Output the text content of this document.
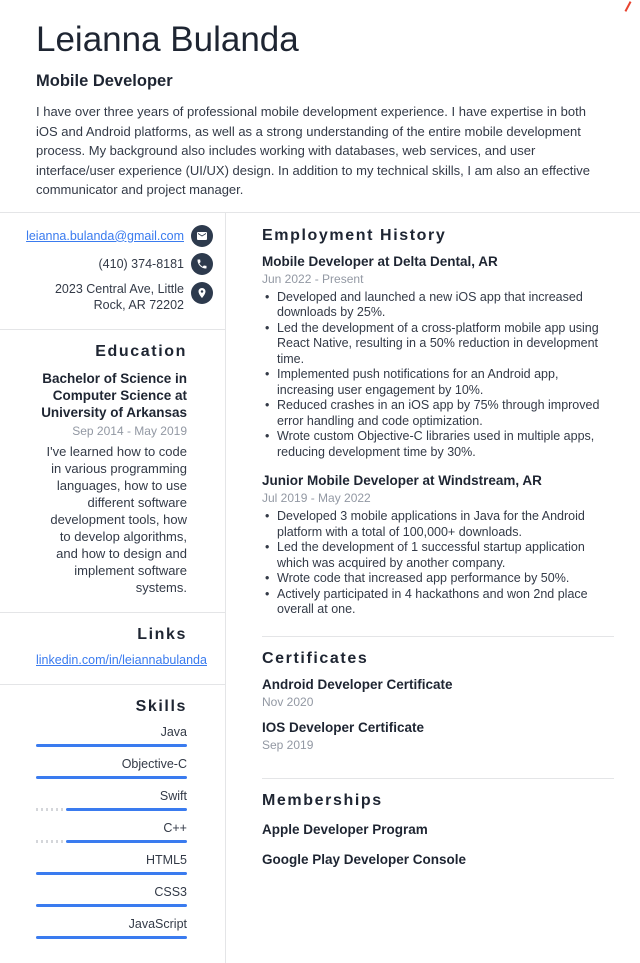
Leianna Bulanda
Mobile Developer

I have over three years of professional mobile development experience. I have expertise in both iOS and Android platforms, as well as a strong understanding of the entire mobile development process. My background also includes working with databases, web services, and user interface/user experience (UI/UX) design. In addition to my technical skills, I am also an effective communicator and project manager.

leianna.bulanda@gmail.com
(410) 374-8181
2023 Central Ave, Little Rock, AR 72202
Education
Bachelor of Science in Computer Science at University of Arkansas
Sep 2014 - May 2019
I've learned how to code in various programming languages, how to use different software development tools, how to develop algorithms, and how to design and implement software systems.
Links
linkedin.com/in/leiannabulanda
Skills
Java
Objective-C
Swift
C++
HTML5
CSS3
JavaScript
Employment History
Mobile Developer at Delta Dental, AR
Jun 2022 - Present
• Developed and launched a new iOS app that increased downloads by 25%.
• Led the development of a cross-platform mobile app using React Native, resulting in a 50% reduction in development time.
• Implemented push notifications for an Android app, increasing user engagement by 10%.
• Reduced crashes in an iOS app by 75% through improved error handling and code optimization.
• Wrote custom Objective-C libraries used in multiple apps, reducing development time by 30%.
Junior Mobile Developer at Windstream, AR
Jul 2019 - May 2022
• Developed 3 mobile applications in Java for the Android platform with a total of 100,000+ downloads.
• Led the development of 1 successful startup application which was acquired by another company.
• Wrote code that increased app performance by 50%.
• Actively participated in 4 hackathons and won 2nd place overall at one.
Certificates
Android Developer Certificate
Nov 2020
IOS Developer Certificate
Sep 2019
Memberships
Apple Developer Program
Google Play Developer Console
